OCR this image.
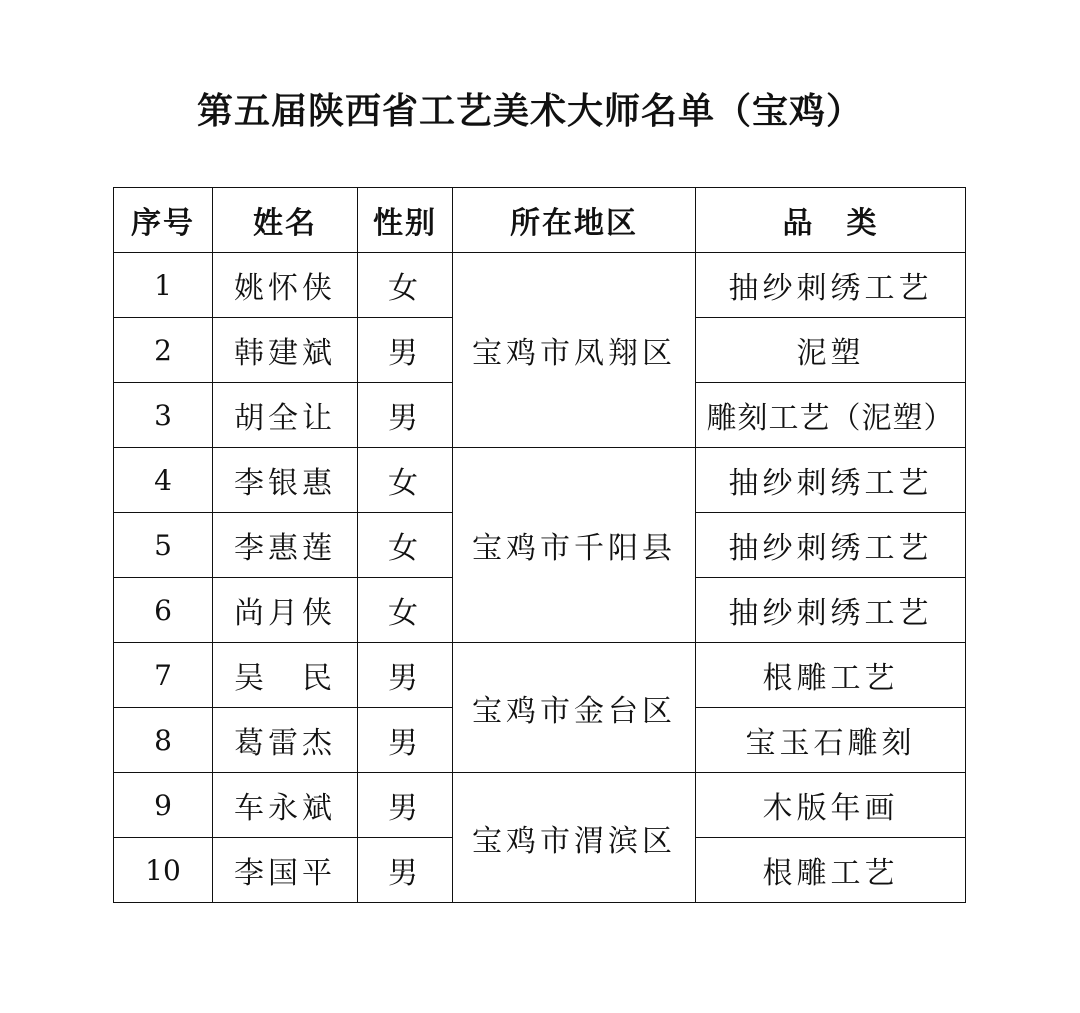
第五届陕西省工艺美术大师名单（宝鸡）
序号	姓名	性别	所在地区	品　类
1	姚怀侠	女	宝鸡市凤翔区	抽纱刺绣工艺
2	韩建斌	男		泥塑
3	胡全让	男		雕刻工艺（泥塑）
4	李银惠	女	宝鸡市千阳县	抽纱刺绣工艺
5	李惠莲	女		抽纱刺绣工艺
6	尚月侠	女		抽纱刺绣工艺
7	吴　民	男	宝鸡市金台区	根雕工艺
8	葛雷杰	男		宝玉石雕刻
9	车永斌	男	宝鸡市渭滨区	木版年画
10	李国平	男		根雕工艺
